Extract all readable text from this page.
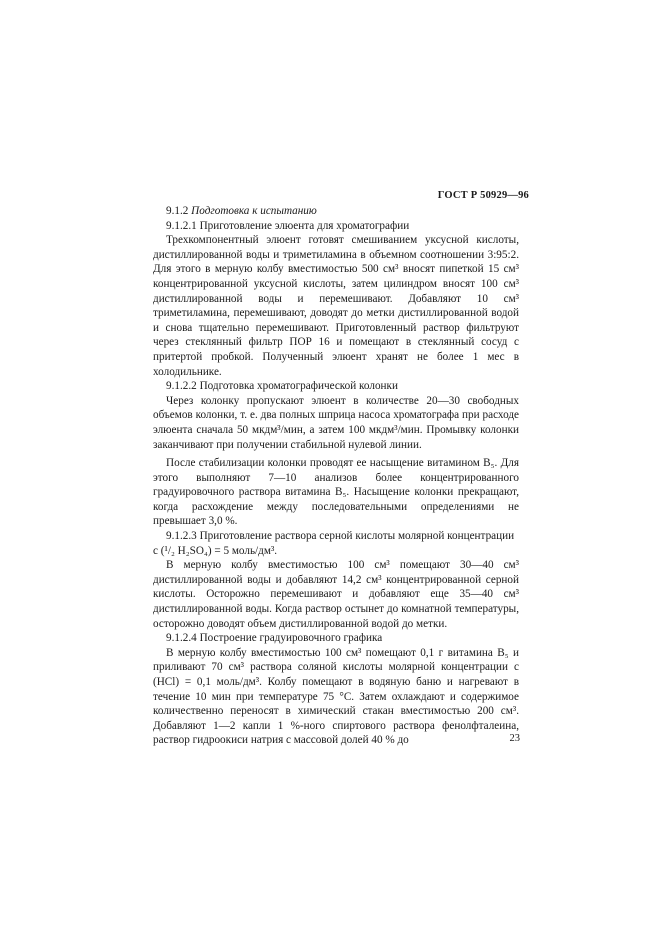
ГОСТ Р 50929—96

9.1.2 Подготовка к испытанию

9.1.2.1 Приготовление элюента для хроматографии

Трехкомпонентный элюент готовят смешиванием уксусной кислоты, дистиллированной воды и триметиламина в объемном соотношении 3:95:2. Для этого в мерную колбу вместимостью 500 см³ вносят пипеткой 15 см³ концентрированной уксусной кислоты, затем цилиндром вносят 100 см³ дистиллированной воды и перемешивают. Добавляют 10 см³ триметиламина, перемешивают, доводят до метки дистиллированной водой и снова тщательно перемешивают. Приготовленный раствор фильтруют через стеклянный фильтр ПОР 16 и помещают в стеклянный сосуд с притертой пробкой. Полученный элюент хранят не более 1 мес в холодильнике.

9.1.2.2 Подготовка хроматографической колонки

Через колонку пропускают элюент в количестве 20—30 свободных объемов колонки, т. е. два полных шприца насоса хроматографа при расходе элюента сначала 50 мкдм³/мин, а затем 100 мкдм³/мин. Промывку колонки заканчивают при получении стабильной нулевой линии.

После стабилизации колонки проводят ее насыщение витамином B₅. Для этого выполняют 7—10 анализов более концентрированного градуировочного раствора витамина B₅. Насыщение колонки прекращают, когда расхождение между последовательными определениями не превышает 3,0 %.

9.1.2.3 Приготовление раствора серной кислоты молярной концентрации c (¹/₂ H₂SO₄) = 5 моль/дм³.

В мерную колбу вместимостью 100 см³ помещают 30—40 см³ дистиллированной воды и добавляют 14,2 см³ концентрированной серной кислоты. Осторожно перемешивают и добавляют еще 35—40 см³ дистиллированной воды. Когда раствор остынет до комнатной температуры, осторожно доводят объем дистиллированной водой до метки.

9.1.2.4 Построение градуировочного графика

В мерную колбу вместимостью 100 см³ помещают 0,1 г витамина B₅ и приливают 70 см³ раствора соляной кислоты молярной концентрации c (HCl) = 0,1 моль/дм³. Колбу помещают в водяную баню и нагревают в течение 10 мин при температуре 75 °С. Затем охлаждают и содержимое количественно переносят в химический стакан вместимостью 200 см³. Добавляют 1—2 капли 1 %-ного спиртового раствора фенолфталеина, раствор гидроокиси натрия с массовой долей 40 % до	23
